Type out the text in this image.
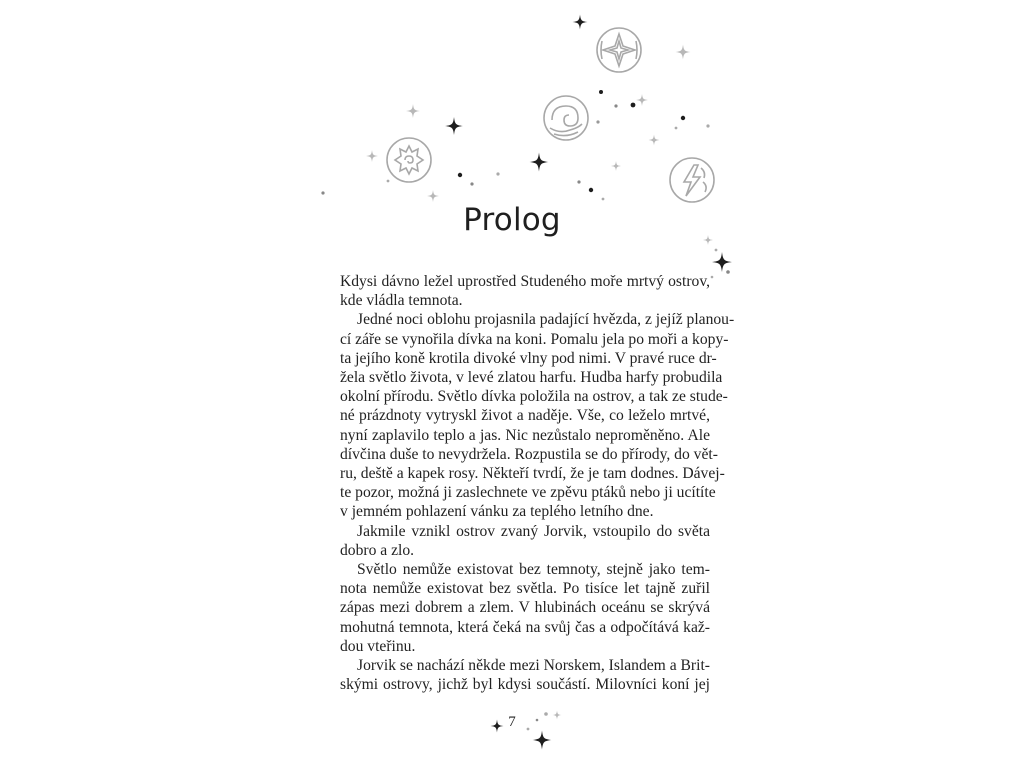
Prolog
Kdysi dávno ležel uprostřed Studeného moře mrtvý ostrov,
kde vládla temnota.
Jedné noci oblohu projasnila padající hvězda, z jejíž planou-
cí záře se vynořila dívka na koni. Pomalu jela po moři a kopy-
ta jejího koně krotila divoké vlny pod nimi. V pravé ruce dr-
žela světlo života, v levé zlatou harfu. Hudba harfy probudila
okolní přírodu. Světlo dívka položila na ostrov, a tak ze stude-
né prázdnoty vytryskl život a naděje. Vše, co leželo mrtvé,
nyní zaplavilo teplo a jas. Nic nezůstalo neproměněno. Ale
dívčina duše to nevydržela. Rozpustila se do přírody, do vět-
ru, deště a kapek rosy. Někteří tvrdí, že je tam dodnes. Dávej-
te pozor, možná ji zaslechnete ve zpěvu ptáků nebo ji ucítíte
v jemném pohlazení vánku za teplého letního dne.
Jakmile vznikl ostrov zvaný Jorvik, vstoupilo do světa
dobro a zlo.
Světlo nemůže existovat bez temnoty, stejně jako tem-
nota nemůže existovat bez světla. Po tisíce let tajně zuřil
zápas mezi dobrem a zlem. V hlubinách oceánu se skrývá
mohutná temnota, která čeká na svůj čas a odpočítává kaž-
dou vteřinu.
Jorvik se nachází někde mezi Norskem, Islandem a Brit-
skými ostrovy, jichž byl kdysi součástí. Milovníci koní jej
7
